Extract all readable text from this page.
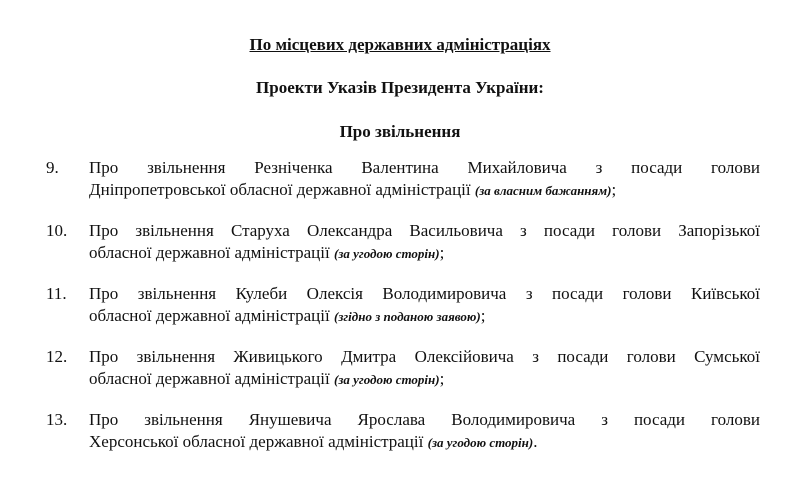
По місцевих державних адміністраціях
Проекти Указів Президента України:
Про звільнення
9.	Про звільнення Резніченка Валентина Михайловича з посади голови
Дніпропетровської обласної державної адміністрації (за власним бажанням);
10.	Про звільнення Старуха Олександра Васильовича з посади голови Запорізької
обласної державної адміністрації (за угодою сторін);
11.	Про звільнення Кулеби Олексія Володимировича з посади голови Київської
обласної державної адміністрації (згідно з поданою заявою);
12.	Про звільнення Живицького Дмитра Олексійовича з посади голови Сумської
обласної державної адміністрації (за угодою сторін);
13.	Про звільнення Янушевича Ярослава Володимировича з посади голови
Херсонської обласної державної адміністрації (за угодою сторін).
